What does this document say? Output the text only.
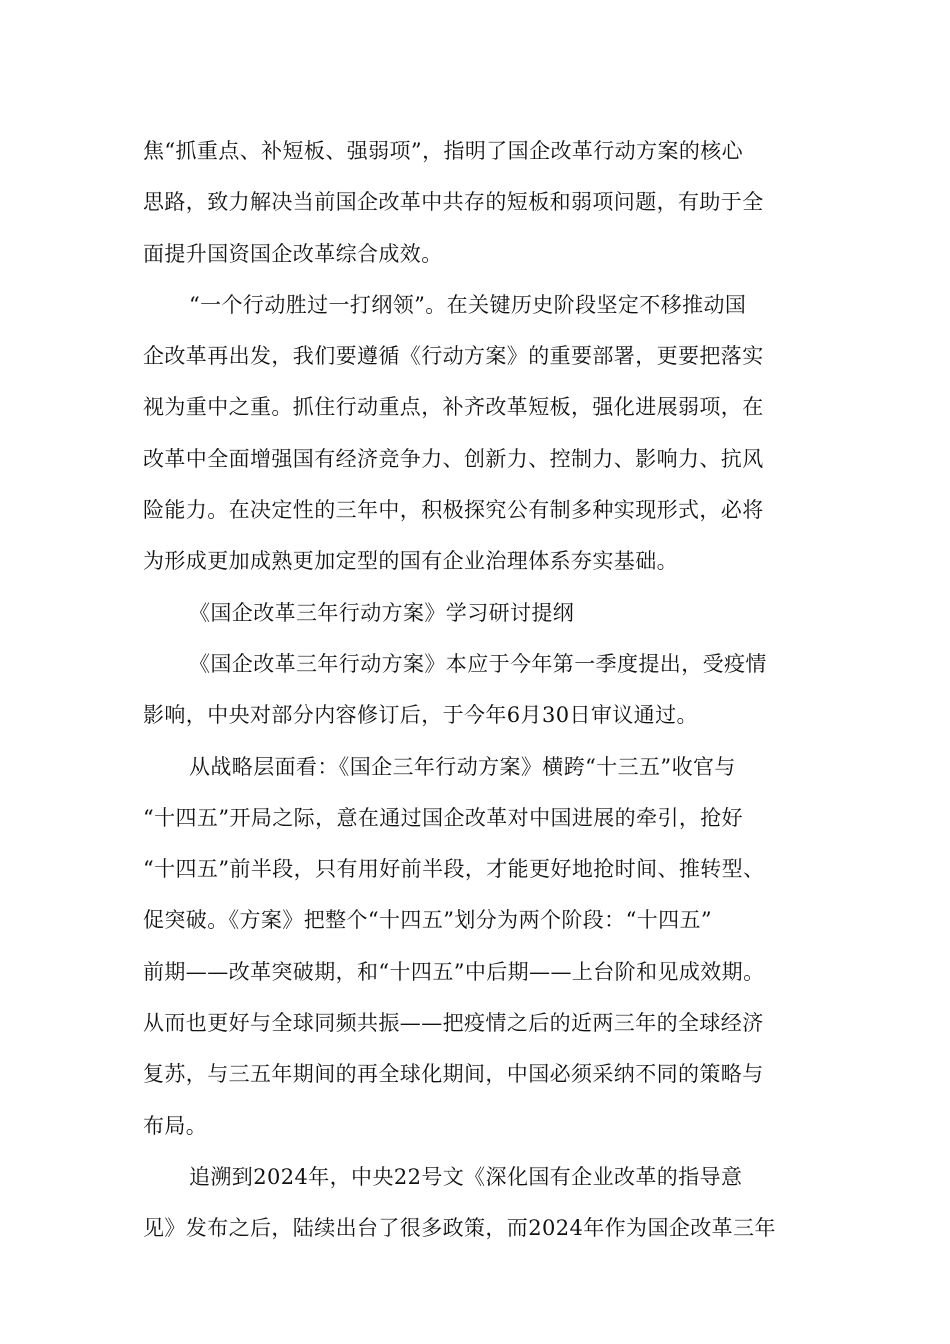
焦“抓重点、补短板、强弱项”，指明了国企改革行动方案的核心
思路，致力解决当前国企改革中共存的短板和弱项问题，有助于全
面提升国资国企改革综合成效。
“一个行动胜过一打纲领”。在关键历史阶段坚定不移推动国
企改革再出发，我们要遵循《行动方案》的重要部署，更要把落实
视为重中之重。抓住行动重点，补齐改革短板，强化进展弱项，在
改革中全面增强国有经济竞争力、创新力、控制力、影响力、抗风
险能力。在决定性的三年中，积极探究公有制多种实现形式，必将
为形成更加成熟更加定型的国有企业治理体系夯实基础。
《国企改革三年行动方案》学习研讨提纲
《国企改革三年行动方案》本应于今年第一季度提出，受疫情
影响，中央对部分内容修订后，于今年6月30日审议通过。
从战略层面看：《国企三年行动方案》横跨“十三五”收官与
“十四五”开局之际，意在通过国企改革对中国进展的牵引，抢好
“十四五”前半段，只有用好前半段，才能更好地抢时间、推转型、
促突破。《方案》把整个“十四五”划分为两个阶段：“十四五”
前期——改革突破期，和“十四五”中后期——上台阶和见成效期。
从而也更好与全球同频共振——把疫情之后的近两三年的全球经济
复苏，与三五年期间的再全球化期间，中国必须采纳不同的策略与
布局。
追溯到2024年，中央22号文《深化国有企业改革的指导意
见》发布之后，陆续出台了很多政策，而2024年作为国企改革三年
